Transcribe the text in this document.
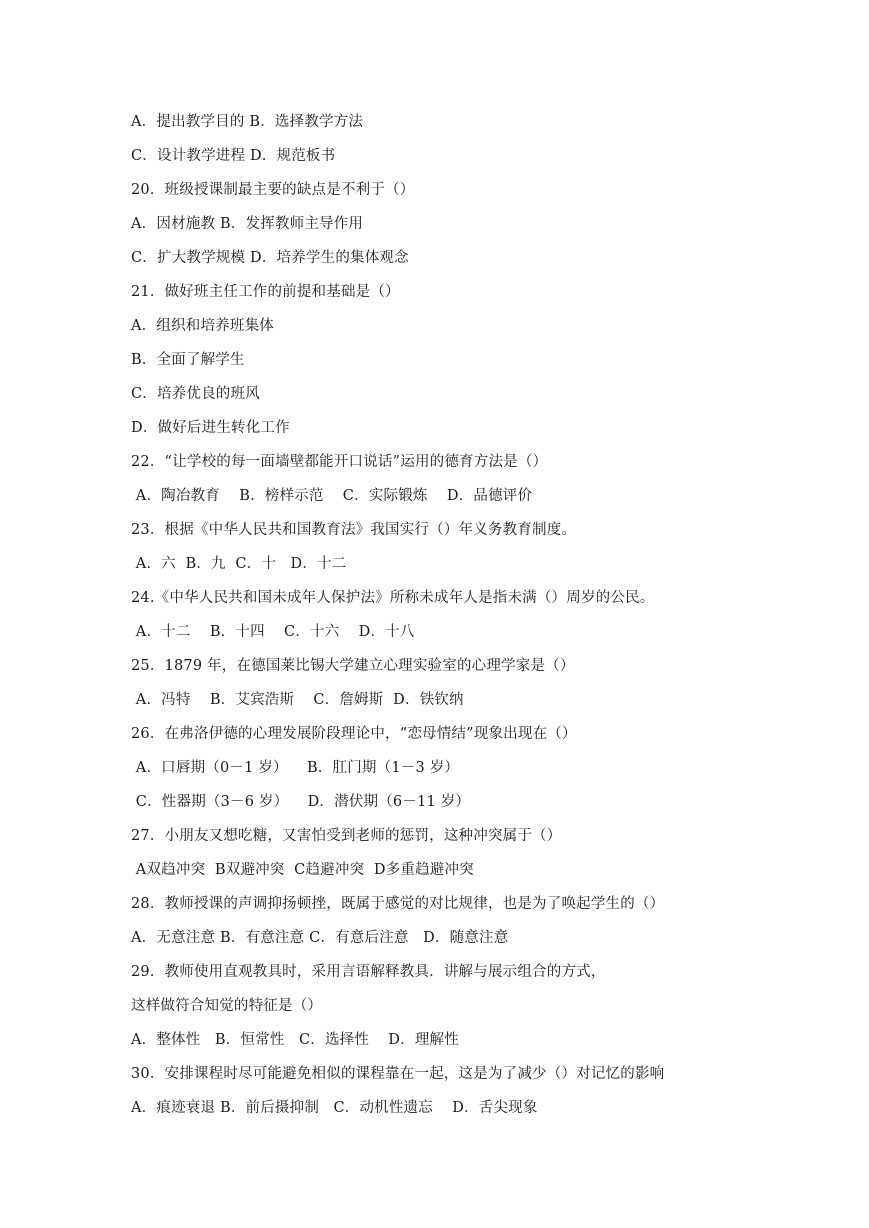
A．提出教学目的 B．选择教学方法
C．设计教学进程 D．规范板书
20．班级授课制最主要的缺点是不利于（）
A．因材施教 B．发挥教师主导作用
C．扩大教学规模 D．培养学生的集体观念
21．做好班主任工作的前提和基础是（）
A．组织和培养班集体
B．全面了解学生
C．培养优良的班风
D．做好后进生转化工作
22．“让学校的每一面墙壁都能开口说话”运用的德育方法是（）
A．陶冶教育    B．榜样示范    C．实际锻炼    D．品德评价
23．根据《中华人民共和国教育法》我国实行（）年义务教育制度。
A．六  B．九  C．十   D．十二
24.《中华人民共和国未成年人保护法》所称未成年人是指未满（）周岁的公民。
A．十二    B．十四    C．十六    D．十八
25．1879 年，在德国莱比锡大学建立心理实验室的心理学家是（）
A．冯特    B．艾宾浩斯    C．詹姆斯  D．铁钦纳
26．在弗洛伊德的心理发展阶段理论中，“恋母情结”现象出现在（）
A．口唇期（0－1 岁）    B．肛门期（1－3 岁）
C．性器期（3－6 岁）    D．潜伏期（6－11 岁）
27．小朋友又想吃糖，又害怕受到老师的惩罚，这种冲突属于（）
A双趋冲突  B双避冲突  C趋避冲突  D多重趋避冲突
28．教师授课的声调抑扬顿挫，既属于感觉的对比规律，也是为了唤起学生的（）
A．无意注意 B．有意注意 C．有意后注意   D．随意注意
29．教师使用直观教具时，采用言语解释教具．讲解与展示组合的方式，
这样做符合知觉的特征是（）
A．整体性   B．恒常性   C．选择性    D．理解性
30．安排课程时尽可能避免相似的课程靠在一起，这是为了减少（）对记忆的影响
A．痕迹衰退 B．前后摄抑制   C．动机性遗忘    D．舌尖现象
